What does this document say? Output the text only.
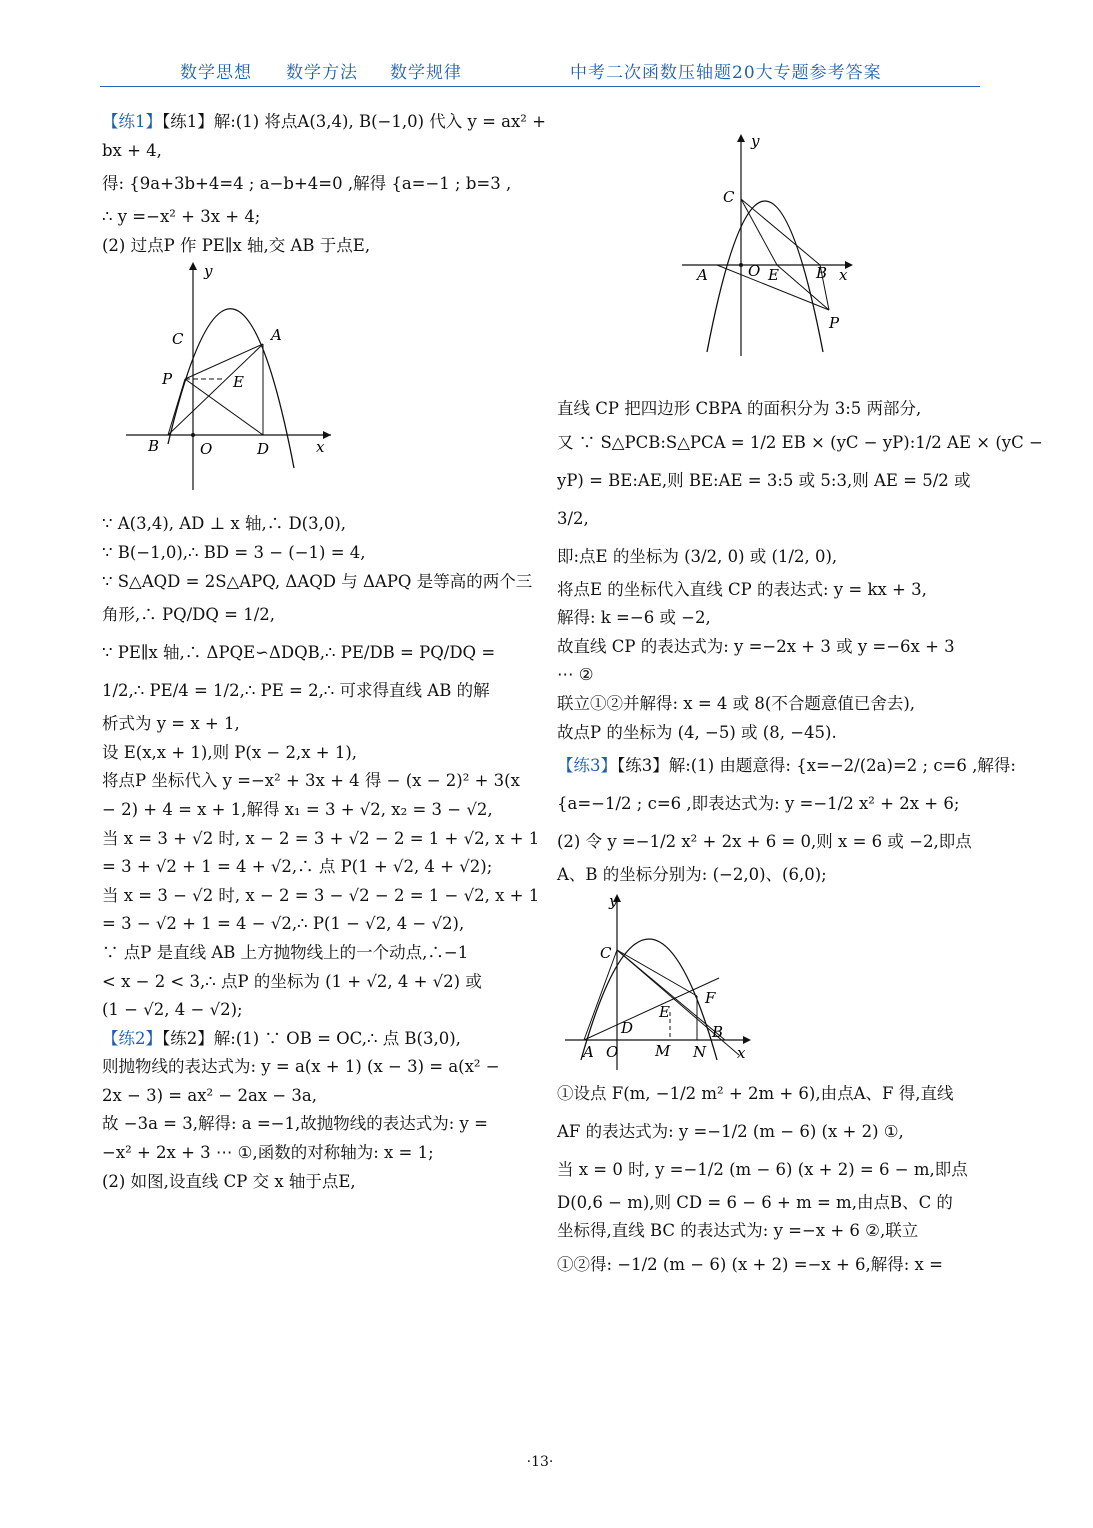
数学思想 数学方法 数学规律	中考二次函数压轴题20大专题参考答案
【练1】【练1】解:(1) 将点A(3,4), B(−1,0) 代入 y = ax² +
bx + 4,
得: {9a+3b+4=4 ; a−b+4=0 ,解得 {a=−1 ; b=3 ,
∴ y =−x² + 3x + 4;
(2) 过点P 作 PE∥x 轴,交 AB 于点E,
y
C	A
P	E
B	O	D	x
∵ A(3,4), AD ⊥ x 轴,∴ D(3,0),
∵ B(−1,0),∴ BD = 3 − (−1) = 4,
∵ S△AQD = 2S△APQ, ΔAQD 与 ΔAPQ 是等高的两个三
角形,∴ PQ/DQ = 1/2,
∵ PE∥x 轴,∴ ΔPQE∽ΔDQB,∴ PE/DB = PQ/DQ =
1/2,∴ PE/4 = 1/2,∴ PE = 2,∴ 可求得直线 AB 的解
析式为 y = x + 1,
设 E(x,x + 1),则 P(x − 2,x + 1),
将点P 坐标代入 y =−x² + 3x + 4 得 − (x − 2)² + 3(x
− 2) + 4 = x + 1,解得 x₁ = 3 + √2, x₂ = 3 − √2,
当 x = 3 + √2 时, x − 2 = 3 + √2 − 2 = 1 + √2, x + 1
= 3 + √2 + 1 = 4 + √2,∴ 点 P(1 + √2, 4 + √2);
当 x = 3 − √2 时, x − 2 = 3 − √2 − 2 = 1 − √2, x + 1
= 3 − √2 + 1 = 4 − √2,∴ P(1 − √2, 4 − √2),
∵ 点P 是直线 AB 上方抛物线上的一个动点,∴−1
< x − 2 < 3,∴ 点P 的坐标为 (1 + √2, 4 + √2) 或
(1 − √2, 4 − √2);
【练2】【练2】解:(1) ∵ OB = OC,∴ 点 B(3,0),
则抛物线的表达式为: y = a(x + 1) (x − 3) = a(x² −
2x − 3) = ax² − 2ax − 3a,
故 −3a = 3,解得: a =−1,故抛物线的表达式为: y =
−x² + 2x + 3 ⋯ ①,函数的对称轴为: x = 1;
(2) 如图,设直线 CP 交 x 轴于点E,
y
C
A	O E B x
P
直线 CP 把四边形 CBPA 的面积分为 3:5 两部分,
又 ∵ S△PCB:S△PCA = 1/2 EB × (yC − yP):1/2 AE × (yC −
yP) = BE:AE,则 BE:AE = 3:5 或 5:3,则 AE = 5/2 或
3/2,
即:点E 的坐标为 (3/2, 0) 或 (1/2, 0),
将点E 的坐标代入直线 CP 的表达式: y = kx + 3,
解得: k =−6 或 −2,
故直线 CP 的表达式为: y =−2x + 3 或 y =−6x + 3
⋯ ②
联立①②并解得: x = 4 或 8(不合题意值已舍去),
故点P 的坐标为 (4, −5) 或 (8, −45).
【练3】【练3】解:(1) 由题意得: {x=−2/(2a)=2 ; c=6 ,解得:
{a=−1/2 ; c=6 ,即表达式为: y =−1/2 x² + 2x + 6;
(2) 令 y =−1/2 x² + 2x + 6 = 0,则 x = 6 或 −2,即点
A、B 的坐标分别为: (−2,0)、(6,0);
y
C
F
E
D
A O M N
B
x
①设点 F(m, −1/2 m² + 2m + 6),由点A、F 得,直线
AF 的表达式为: y =−1/2 (m − 6) (x + 2) ①,
当 x = 0 时, y =−1/2 (m − 6) (x + 2) = 6 − m,即点
D(0,6 − m),则 CD = 6 − 6 + m = m,由点B、C 的
坐标得,直线 BC 的表达式为: y =−x + 6 ②,联立
①②得: −1/2 (m − 6) (x + 2) =−x + 6,解得: x =
·13·
